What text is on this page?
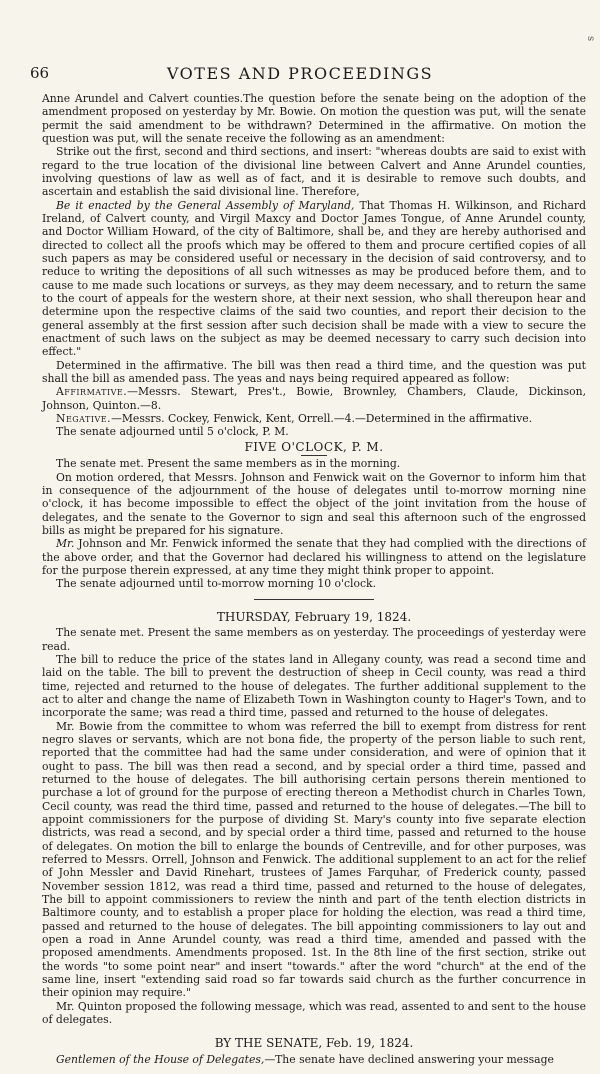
66	VOTES AND PROCEEDINGS
s

Anne Arundel and Calvert counties.The question before the senate being on the adoption of the amendment proposed on yesterday by Mr. Bowie. On motion the question was put, will the senate permit the said amendment to be withdrawn? Determined in the affirmative. On motion the question was put, will the senate receive the following as an amendment:

Strike out the first, second and third sections, and insert: "whereas doubts are said to exist with regard to the true location of the divisional line between Calvert and Anne Arundel counties, involving questions of law as well as of fact, and it is desirable to remove such doubts, and ascertain and establish the said divisional line. Therefore,

Be it enacted by the General Assembly of Maryland, That Thomas H. Wilkinson, and Richard Ireland, of Calvert county, and Virgil Maxcy and Doctor James Tongue, of Anne Arundel county, and Doctor William Howard, of the city of Baltimore, shall be, and they are hereby authorised and directed to collect all the proofs which may be offered to them and procure certified copies of all such papers as may be considered useful or necessary in the decision of said controversy, and to reduce to writing the depositions of all such witnesses as may be produced before them, and to cause to me made such locations or surveys, as they may deem necessary, and to return the same to the court of appeals for the western shore, at their next session, who shall thereupon hear and determine upon the respective claims of the said two counties, and report their decision to the general assembly at the first session after such decision shall be made with a view to secure the enactment of such laws on the subject as may be deemed necessary to carry such decision into effect."

Determined in the affirmative. The bill was then read a third time, and the question was put shall the bill as amended pass. The yeas and nays being required appeared as follow:

Affirmative.—Messrs. Stewart, Pres't., Bowie, Brownley, Chambers, Claude, Dickinson, Johnson, Quinton.—8.

Negative.—Messrs. Cockey, Fenwick, Kent, Orrell.—4.—Determined in the affirmative.

The senate adjourned until 5 o'clock, P. M.

FIVE O'CLOCK, P. M.

The senate met. Present the same members as in the morning.

On motion ordered, that Messrs. Johnson and Fenwick wait on the Governor to inform him that in consequence of the adjournment of the house of delegates until to-morrow morning nine o'clock, it has become impossible to effect the object of the joint invitation from the house of delegates, and the senate to the Governor to sign and seal this afternoon such of the engrossed bills as might be prepared for his signature.

Mr. Johnson and Mr. Fenwick informed the senate that they had complied with the directions of the above order, and that the Governor had declared his willingness to attend on the legislature for the purpose therein expressed, at any time they might think proper to appoint.

The senate adjourned until to-morrow morning 10 o'clock.

THURSDAY, February 19, 1824.

The senate met. Present the same members as on yesterday. The proceedings of yesterday were read.

The bill to reduce the price of the states land in Allegany county, was read a second time and laid on the table. The bill to prevent the destruction of sheep in Cecil county, was read a third time, rejected and returned to the house of delegates. The further additional supplement to the act to alter and change the name of Elizabeth Town in Washington county to Hager's Town, and to incorporate the same; was read a third time, passed and returned to the house of delegates.

Mr. Bowie from the committee to whom was referred the bill to exempt from distress for rent negro slaves or servants, which are not bona fide, the property of the person liable to such rent, reported that the committee had had the same under consideration, and were of opinion that it ought to pass. The bill was then read a second, and by special order a third time, passed and returned to the house of delegates. The bill authorising certain persons therein mentioned to purchase a lot of ground for the purpose of erecting thereon a Methodist church in Charles Town, Cecil county, was read the third time, passed and returned to the house of delegates.—The bill to appoint commissioners for the purpose of dividing St. Mary's county into five separate election districts, was read a second, and by special order a third time, passed and returned to the house of delegates. On motion the bill to enlarge the bounds of Centreville, and for other purposes, was referred to Messrs. Orrell, Johnson and Fenwick. The additional supplement to an act for the relief of John Messler and David Rinehart, trustees of James Farquhar, of Frederick county, passed November session 1812, was read a third time, passed and returned to the house of delegates, The bill to appoint commissioners to review the ninth and part of the tenth election districts in Baltimore county, and to establish a proper place for holding the election, was read a third time, passed and returned to the house of delegates. The bill appointing commissioners to lay out and open a road in Anne Arundel county, was read a third time, amended and passed with the proposed amendments. Amendments proposed. 1st. In the 8th line of the first section, strike out the words "to some point near" and insert "towards." after the word "church" at the end of the same line, insert "extending said road so far towards said church as the further concurrence in their opinion may require."

Mr. Quinton proposed the following message, which was read, assented to and sent to the house of delegates.

BY THE SENATE, Feb. 19, 1824.

Gentlemen of the House of Delegates,—The senate have declined answering your message
